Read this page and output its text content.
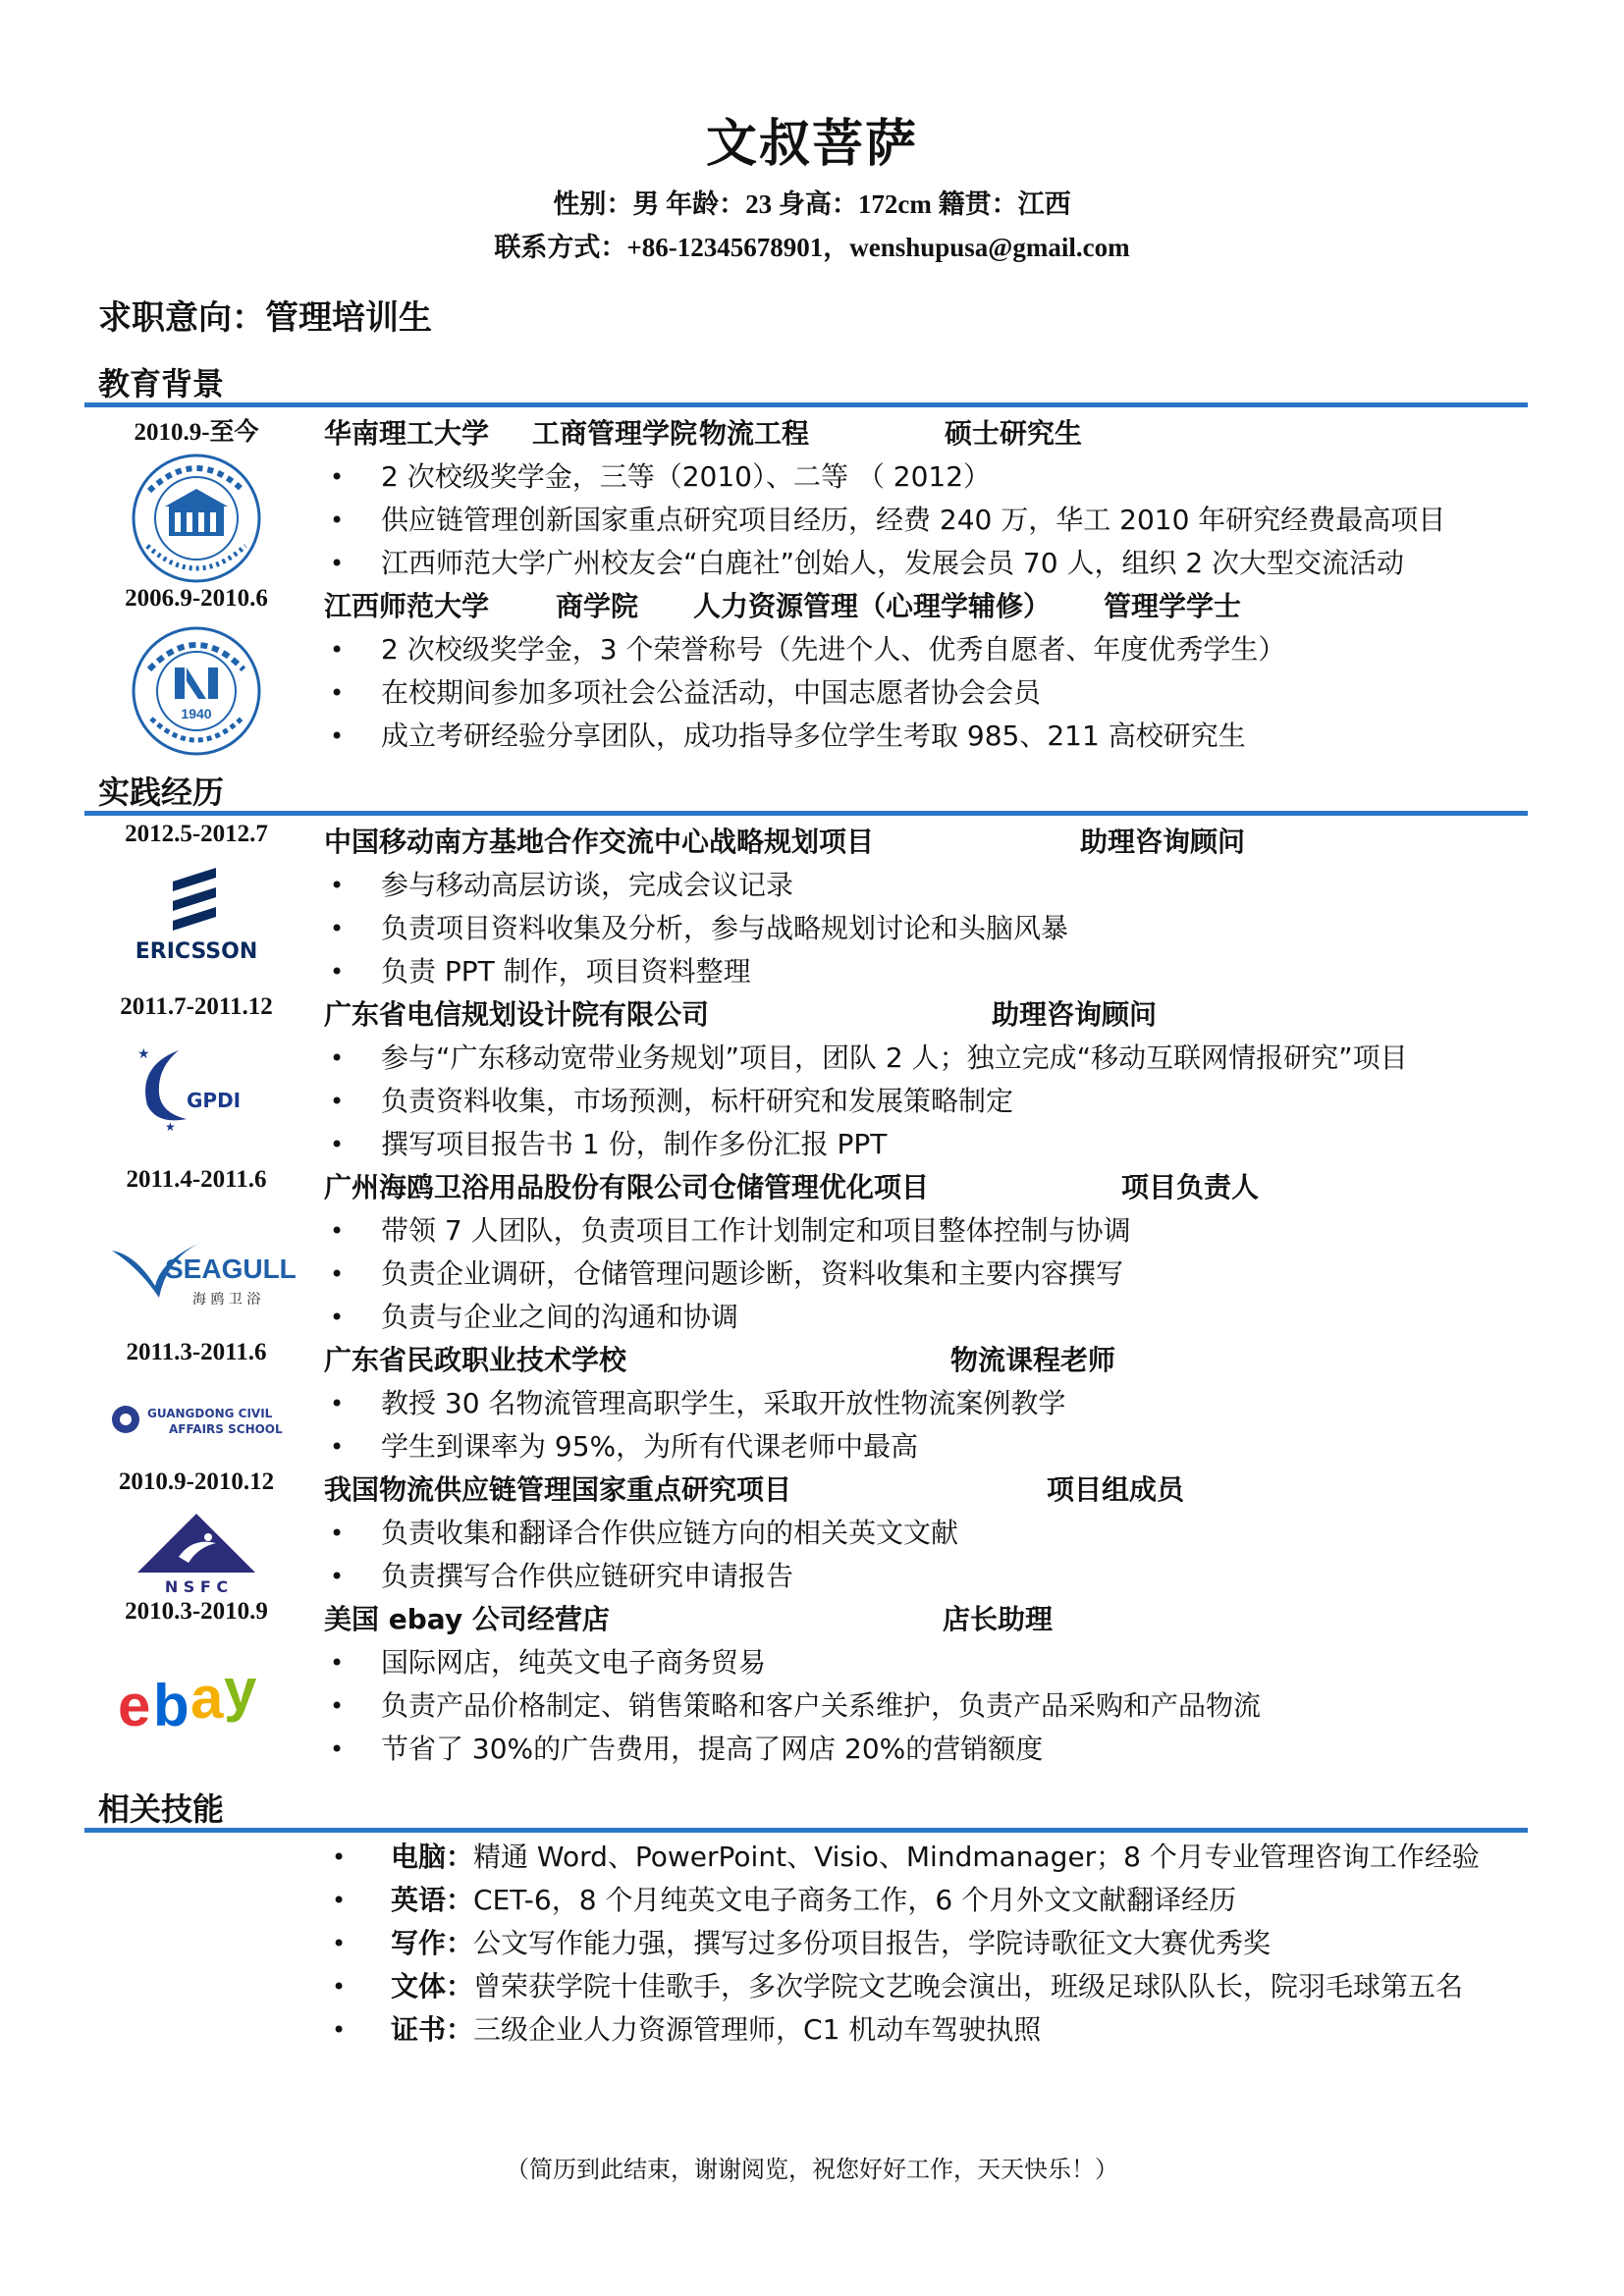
文叔菩萨
性别：男 年龄：23 身高：172cm 籍贯：江西
联系方式：+86-12345678901，wenshupusa@gmail.com
求职意向：管理培训生
教育背景
2010.9-至今	华南理工大学 工商管理学院物流工程	硕士研究生
• 2 次校级奖学金，三等（2010）、二等 （ 2012）
• 供应链管理创新国家重点研究项目经历，经费 240 万，华工 2010 年研究经费最高项目
• 江西师范大学广州校友会“白鹿社”创始人，发展会员 70 人，组织 2 次大型交流活动
2006.9-2010.6	江西师范大学 商学院 人力资源管理（心理学辅修） 管理学学士
1940
• 2 次校级奖学金，3 个荣誉称号（先进个人、优秀自愿者、年度优秀学生）
• 在校期间参加多项社会公益活动，中国志愿者协会会员
• 成立考研经验分享团队，成功指导多位学生考取 985、211 高校研究生
实践经历
2012.5-2012.7	中国移动南方基地合作交流中心战略规划项目	助理咨询顾问
ERICSSON
• 参与移动高层访谈，完成会议记录
• 负责项目资料收集及分析，参与战略规划讨论和头脑风暴
• 负责 PPT 制作，项目资料整理
2011.7-2011.12	广东省电信规划设计院有限公司	助理咨询顾问
★
★
GPDI
• 参与“广东移动宽带业务规划”项目，团队 2 人；独立完成“移动互联网情报研究”项目
• 负责资料收集，市场预测，标杆研究和发展策略制定
• 撰写项目报告书 1 份，制作多份汇报 PPT
2011.4-2011.6	广州海鸥卫浴用品股份有限公司仓储管理优化项目	项目负责人
SEAGULL
海 鸥 卫 浴
• 带领 7 人团队，负责项目工作计划制定和项目整体控制与协调
• 负责企业调研，仓储管理问题诊断，资料收集和主要内容撰写
• 负责与企业之间的沟通和协调
2011.3-2011.6	广东省民政职业技术学校	物流课程老师
GUANGDONG CIVIL
AFFAIRS SCHOOL
• 教授 30 名物流管理高职学生，采取开放性物流案例教学
• 学生到课率为 95%，为所有代课老师中最高
2010.9-2010.12	我国物流供应链管理国家重点研究项目	项目组成员
N S F C
• 负责收集和翻译合作供应链方向的相关英文文献
• 负责撰写合作供应链研究申请报告
2010.3-2010.9	美国 ebay 公司经营店	店长助理
e b a y
•	国际网店，纯英文电子商务贸易
• 负责产品价格制定、销售策略和客户关系维护，负责产品采购和产品物流
• 节省了 30%的广告费用，提高了网店 20%的营销额度
相关技能
• 电脑：精通 Word、PowerPoint、Visio、Mindmanager；8 个月专业管理咨询工作经验
• 英语：CET-6，8 个月纯英文电子商务工作，6 个月外文文献翻译经历
• 写作：公文写作能力强，撰写过多份项目报告，学院诗歌征文大赛优秀奖
• 文体：曾荣获学院十佳歌手，多次学院文艺晚会演出，班级足球队队长，院羽毛球第五名
• 证书：三级企业人力资源管理师，C1 机动车驾驶执照
（简历到此结束，谢谢阅览，祝您好好工作，天天快乐！）
